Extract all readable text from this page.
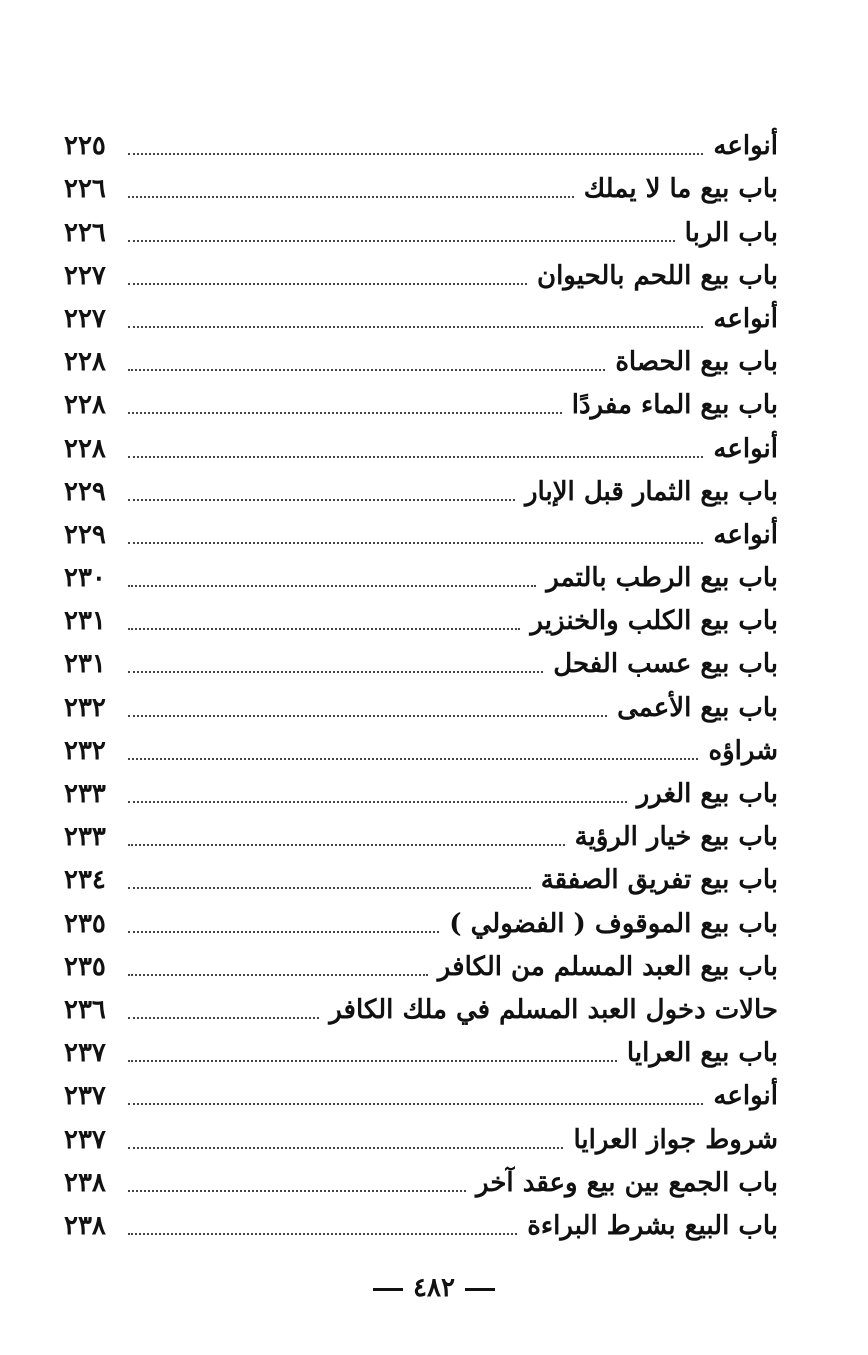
أنواعه
٢٢٥
باب بيع ما لا يملك
٢٢٦
باب الربا
٢٢٦
باب بيع اللحم بالحيوان
٢٢٧
أنواعه
٢٢٧
باب بيع الحصاة
٢٢٨
باب بيع الماء مفردًا
٢٢٨
أنواعه
٢٢٨
باب بيع الثمار قبل الإبار
٢٢٩
أنواعه
٢٢٩
باب بيع الرطب بالتمر
٢٣٠
باب بيع الكلب والخنزير
٢٣١
باب بيع عسب الفحل
٢٣١
باب بيع الأعمى
٢٣٢
شراؤه
٢٣٢
باب بيع الغرر
٢٣٣
باب بيع خيار الرؤية
٢٣٣
باب بيع تفريق الصفقة
٢٣٤
باب بيع الموقوف ( الفضولي )
٢٣٥
باب بيع العبد المسلم من الكافر
٢٣٥
حالات دخول العبد المسلم في ملك الكافر
٢٣٦
باب بيع العرايا
٢٣٧
أنواعه
٢٣٧
شروط جواز العرايا
٢٣٧
باب الجمع بين بيع وعقد آخر
٢٣٨
باب البيع بشرط البراءة
٢٣٨
٤٨٢
